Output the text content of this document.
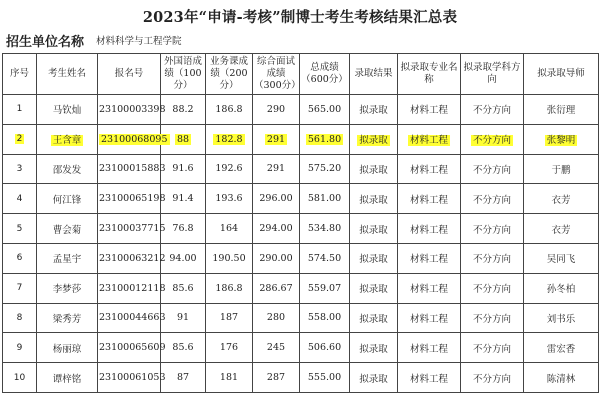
2023年“申请-考核”制博士考生考核结果汇总表
招生单位名称 材料科学与工程学院
序号	考生姓名	报名号	外国语成绩（100分）	业务课成绩（200分）	综合面试成绩（300分）	总成绩（600分）	录取结果	拟录取专业名称	拟录取学科方向	拟录取导师
1	马钦灿	23100003398	88.2	186.8	290	565.00	拟录取	材料工程	不分方向	张衍理
2	王含章	23100068095	88	182.8	291	561.80	拟录取	材料工程	不分方向	张黎明
3	邵发发	23100015883	91.6	192.6	291	575.20	拟录取	材料工程	不分方向	于鹏
4	何江锋	23100065198	91.4	193.6	296.00	581.00	拟录取	材料工程	不分方向	衣芳
5	曹会菊	23100037715	76.8	164	294.00	534.80	拟录取	材料工程	不分方向	衣芳
6	孟星宇	23100063212	94.00	190.50	290.00	574.50	拟录取	材料工程	不分方向	吴同飞
7	李梦莎	23100012118	85.6	186.8	286.67	559.07	拟录取	材料工程	不分方向	孙冬柏
8	梁秀芳	23100044663	91	187	280	558.00	拟录取	材料工程	不分方向	刘书乐
9	杨丽琼	23100065609	85.6	176	245	506.60	拟录取	材料工程	不分方向	雷宏香
10	谭梓铭	23100061053	87	181	287	555.00	拟录取	材料工程	不分方向	陈清林
